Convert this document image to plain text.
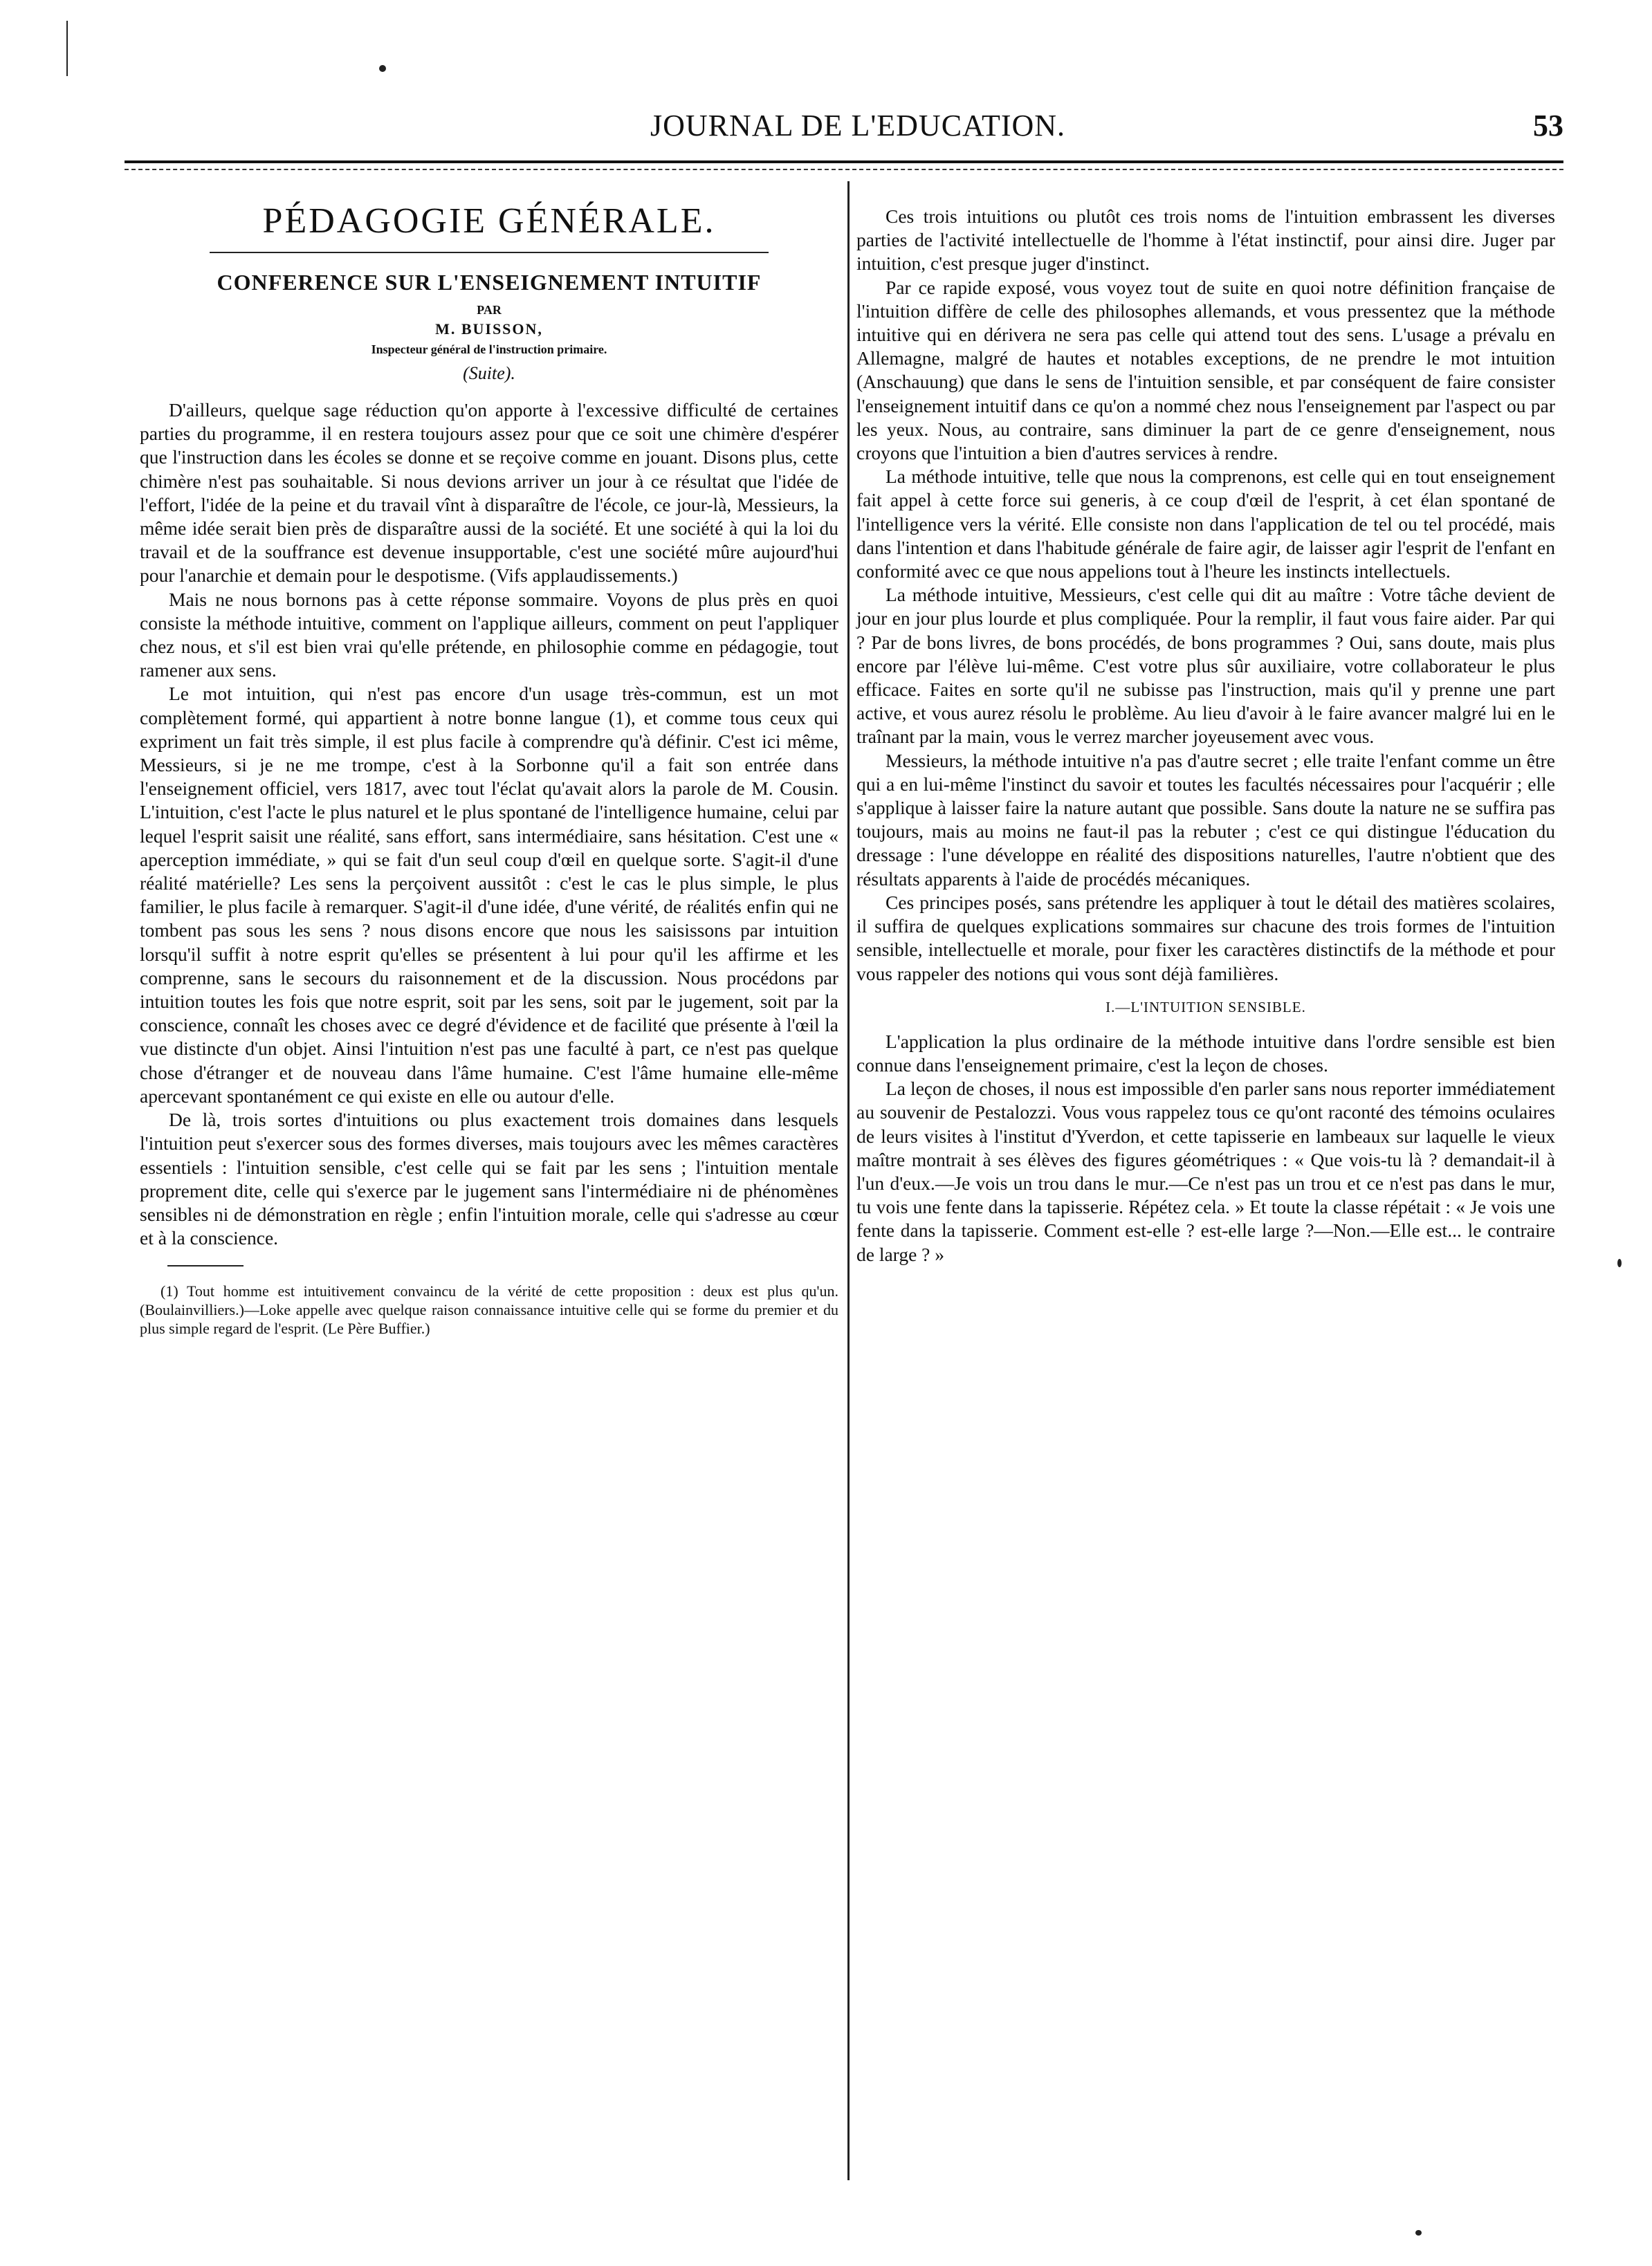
JOURNAL DE L'EDUCATION.	53
PÉDAGOGIE GÉNÉRALE.
CONFERENCE SUR L'ENSEIGNEMENT INTUITIF
PAR
M. BUISSON,
Inspecteur général de l'instruction primaire.
(Suite).

D'ailleurs, quelque sage réduction qu'on apporte à l'excessive difficulté de certaines parties du programme, il en restera toujours assez pour que ce soit une chimère d'espérer que l'instruction dans les écoles se donne et se reçoive comme en jouant. Disons plus, cette chimère n'est pas souhaitable. Si nous devions arriver un jour à ce résultat que l'idée de l'effort, l'idée de la peine et du travail vînt à disparaître de l'école, ce jour-là, Messieurs, la même idée serait bien près de disparaître aussi de la société. Et une société à qui la loi du travail et de la souffrance est devenue insupportable, c'est une société mûre aujourd'hui pour l'anarchie et demain pour le despotisme. (Vifs applaudissements.)

Mais ne nous bornons pas à cette réponse sommaire. Voyons de plus près en quoi consiste la méthode intuitive, comment on l'applique ailleurs, comment on peut l'appliquer chez nous, et s'il est bien vrai qu'elle prétende, en philosophie comme en pédagogie, tout ramener aux sens.

Le mot intuition, qui n'est pas encore d'un usage très-commun, est un mot complètement formé, qui appartient à notre bonne langue (1), et comme tous ceux qui expriment un fait très simple, il est plus facile à comprendre qu'à définir. C'est ici même, Messieurs, si je ne me trompe, c'est à la Sorbonne qu'il a fait son entrée dans l'enseignement officiel, vers 1817, avec tout l'éclat qu'avait alors la parole de M. Cousin. L'intuition, c'est l'acte le plus naturel et le plus spontané de l'intelligence humaine, celui par lequel l'esprit saisit une réalité, sans effort, sans intermédiaire, sans hésitation. C'est une « aperception immédiate, » qui se fait d'un seul coup d'œil en quelque sorte. S'agit-il d'une réalité matérielle? Les sens la perçoivent aussitôt : c'est le cas le plus simple, le plus familier, le plus facile à remarquer. S'agit-il d'une idée, d'une vérité, de réalités enfin qui ne tombent pas sous les sens ? nous disons encore que nous les saisissons par intuition lorsqu'il suffit à notre esprit qu'elles se présentent à lui pour qu'il les affirme et les comprenne, sans le secours du raisonnement et de la discussion. Nous procédons par intuition toutes les fois que notre esprit, soit par les sens, soit par le jugement, soit par la conscience, connaît les choses avec ce degré d'évidence et de facilité que présente à l'œil la vue distincte d'un objet. Ainsi l'intuition n'est pas une faculté à part, ce n'est pas quelque chose d'étranger et de nouveau dans l'âme humaine. C'est l'âme humaine elle-même apercevant spontanément ce qui existe en elle ou autour d'elle.

De là, trois sortes d'intuitions ou plus exactement trois domaines dans lesquels l'intuition peut s'exercer sous des formes diverses, mais toujours avec les mêmes caractères essentiels : l'intuition sensible, c'est celle qui se fait par les sens ; l'intuition mentale proprement dite, celle qui s'exerce par le jugement sans l'intermédiaire ni de phénomènes sensibles ni de démonstration en règle ; enfin l'intuition morale, celle qui s'adresse au cœur et à la conscience.

(1) Tout homme est intuitivement convaincu de la vérité de cette proposition : deux est plus qu'un. (Boulainvilliers.)—Loke appelle avec quelque raison connaissance intuitive celle qui se forme du premier et du plus simple regard de l'esprit. (Le Père Buffier.)

Ces trois intuitions ou plutôt ces trois noms de l'intuition embrassent les diverses parties de l'activité intellectuelle de l'homme à l'état instinctif, pour ainsi dire. Juger par intuition, c'est presque juger d'instinct.

Par ce rapide exposé, vous voyez tout de suite en quoi notre définition française de l'intuition diffère de celle des philosophes allemands, et vous pressentez que la méthode intuitive qui en dérivera ne sera pas celle qui attend tout des sens. L'usage a prévalu en Allemagne, malgré de hautes et notables exceptions, de ne prendre le mot intuition (Anschauung) que dans le sens de l'intuition sensible, et par conséquent de faire consister l'enseignement intuitif dans ce qu'on a nommé chez nous l'enseignement par l'aspect ou par les yeux. Nous, au contraire, sans diminuer la part de ce genre d'enseignement, nous croyons que l'intuition a bien d'autres services à rendre.

La méthode intuitive, telle que nous la comprenons, est celle qui en tout enseignement fait appel à cette force sui generis, à ce coup d'œil de l'esprit, à cet élan spontané de l'intelligence vers la vérité. Elle consiste non dans l'application de tel ou tel procédé, mais dans l'intention et dans l'habitude générale de faire agir, de laisser agir l'esprit de l'enfant en conformité avec ce que nous appelions tout à l'heure les instincts intellectuels.

La méthode intuitive, Messieurs, c'est celle qui dit au maître : Votre tâche devient de jour en jour plus lourde et plus compliquée. Pour la remplir, il faut vous faire aider. Par qui ? Par de bons livres, de bons procédés, de bons programmes ? Oui, sans doute, mais plus encore par l'élève lui-même. C'est votre plus sûr auxiliaire, votre collaborateur le plus efficace. Faites en sorte qu'il ne subisse pas l'instruction, mais qu'il y prenne une part active, et vous aurez résolu le problème. Au lieu d'avoir à le faire avancer malgré lui en le traînant par la main, vous le verrez marcher joyeusement avec vous.

Messieurs, la méthode intuitive n'a pas d'autre secret ; elle traite l'enfant comme un être qui a en lui-même l'instinct du savoir et toutes les facultés nécessaires pour l'acquérir ; elle s'applique à laisser faire la nature autant que possible. Sans doute la nature ne se suffira pas toujours, mais au moins ne faut-il pas la rebuter ; c'est ce qui distingue l'éducation du dressage : l'une développe en réalité des dispositions naturelles, l'autre n'obtient que des résultats apparents à l'aide de procédés mécaniques.

Ces principes posés, sans prétendre les appliquer à tout le détail des matières scolaires, il suffira de quelques explications sommaires sur chacune des trois formes de l'intuition sensible, intellectuelle et morale, pour fixer les caractères distinctifs de la méthode et pour vous rappeler des notions qui vous sont déjà familières.

I.—L'INTUITION SENSIBLE.

L'application la plus ordinaire de la méthode intuitive dans l'ordre sensible est bien connue dans l'enseignement primaire, c'est la leçon de choses.

La leçon de choses, il nous est impossible d'en parler sans nous reporter immédiatement au souvenir de Pestalozzi. Vous vous rappelez tous ce qu'ont raconté des témoins oculaires de leurs visites à l'institut d'Yverdon, et cette tapisserie en lambeaux sur laquelle le vieux maître montrait à ses élèves des figures géométriques : « Que vois-tu là ? demandait-il à l'un d'eux.—Je vois un trou dans le mur.—Ce n'est pas un trou et ce n'est pas dans le mur, tu vois une fente dans la tapisserie. Répétez cela. » Et toute la classe répétait : « Je vois une fente dans la tapisserie. Comment est-elle ? est-elle large ?—Non.—Elle est... le contraire de large ? »
